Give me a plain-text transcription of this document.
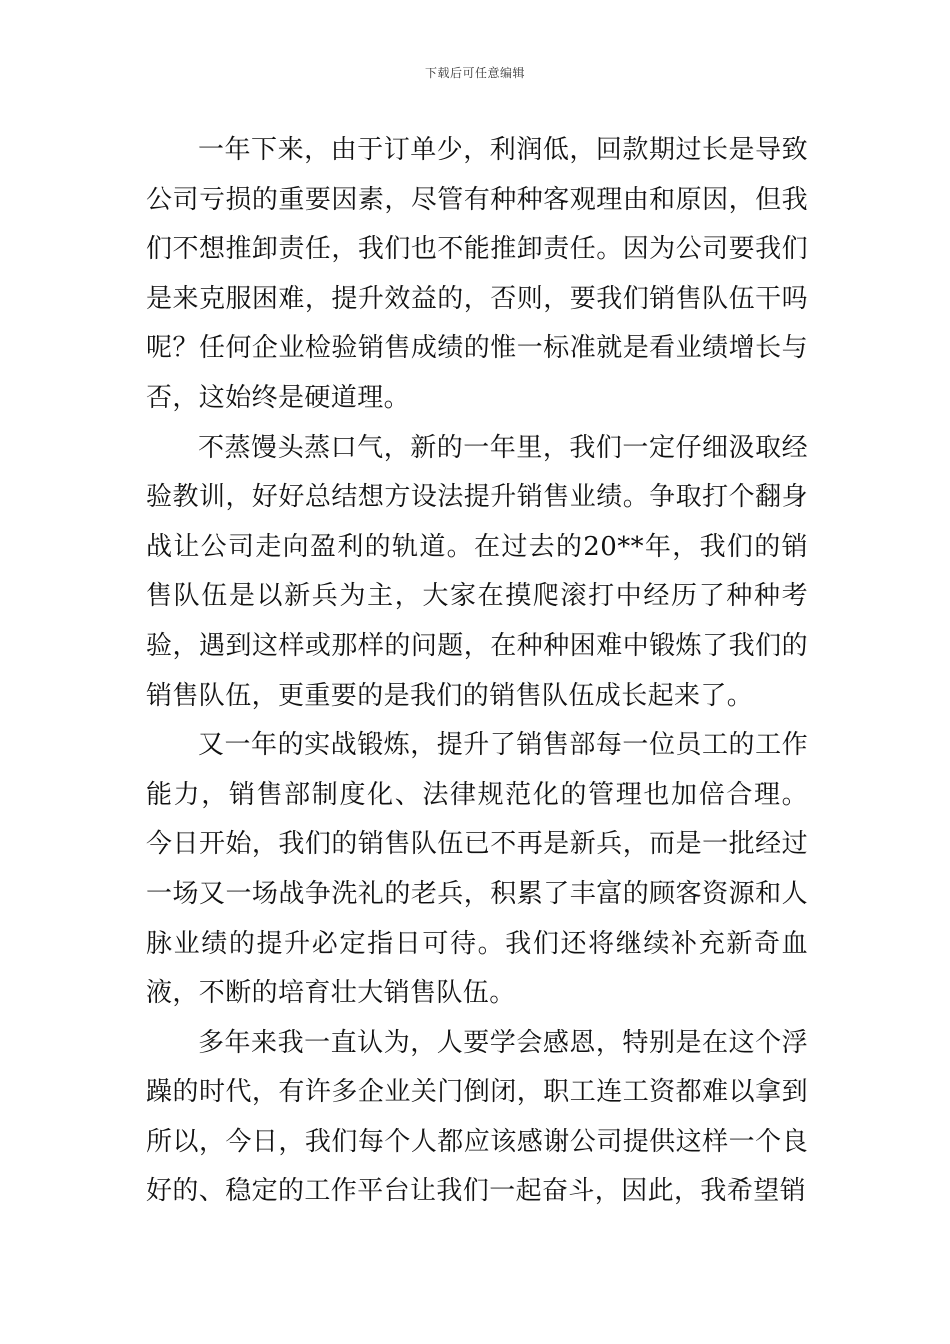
下载后可任意编辑

一年下来，由于订单少，利润低，回款期过长是导致公司亏损的重要因素，尽管有种种客观理由和原因，但我们不想推卸责任，我们也不能推卸责任。因为公司要我们是来克服困难，提升效益的，否则，要我们销售队伍干吗呢？任何企业检验销售成绩的惟一标准就是看业绩增长与否，这始终是硬道理。

不蒸馒头蒸口气，新的一年里，我们一定仔细汲取经验教训，好好总结想方设法提升销售业绩。争取打个翻身战让公司走向盈利的轨道。在过去的20**年，我们的销售队伍是以新兵为主，大家在摸爬滚打中经历了种种考验，遇到这样或那样的问题，在种种困难中锻炼了我们的销售队伍，更重要的是我们的销售队伍成长起来了。

又一年的实战锻炼，提升了销售部每一位员工的工作能力，销售部制度化、法律规范化的管理也加倍合理。 今日开始，我们的销售队伍已不再是新兵，而是一批经过一场又一场战争洗礼的老兵，积累了丰富的顾客资源和人脉业绩的提升必定指日可待。我们还将继续补充新奇血液，不断的培育壮大销售队伍。

多年来我一直认为，人要学会感恩，特别是在这个浮躁的时代，有许多企业关门倒闭，职工连工资都难以拿到所以，今日，我们每个人都应该感谢公司提供这样一个良好的、稳定的工作平台让我们一起奋斗，因此，我希望销
